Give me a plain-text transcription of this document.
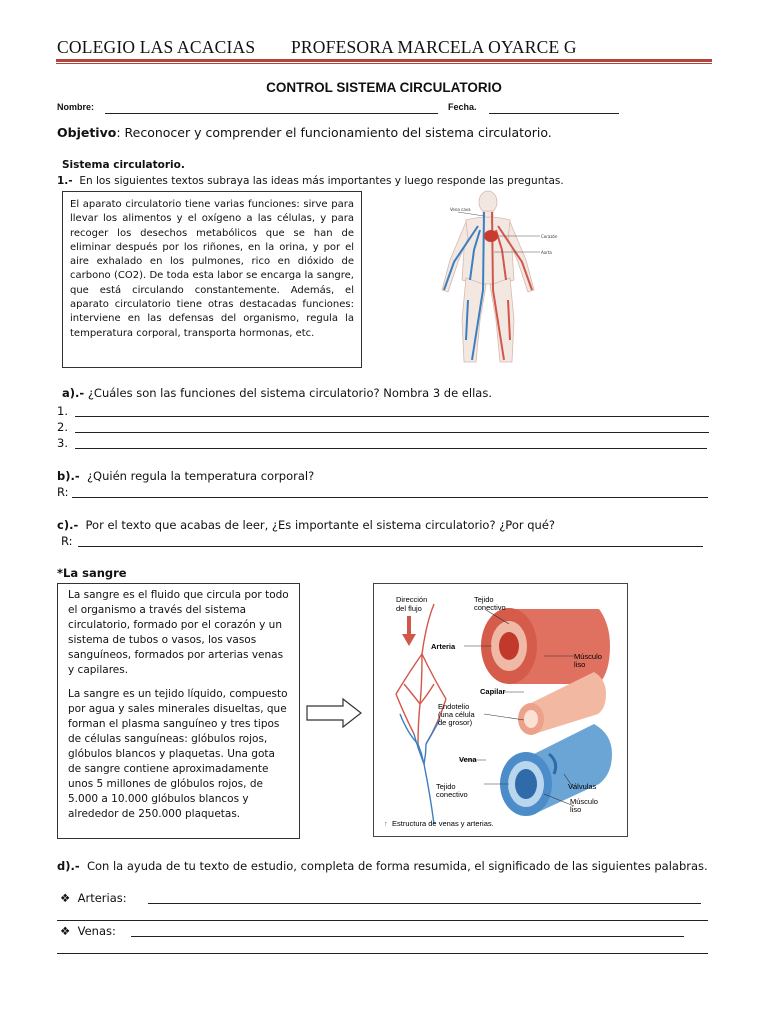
COLEGIO LAS ACACIAS PROFESORA MARCELA OYARCE G
CONTROL SISTEMA CIRCULATORIO
Nombre:	Fecha.
Objetivo: Reconocer y comprender el funcionamiento del sistema circulatorio.
Sistema circulatorio.
1.- En los siguientes textos subraya las ideas más importantes y luego responde las preguntas.
El aparato circulatorio tiene varias funciones: sirve para llevar los alimentos y el oxígeno a las células, y para recoger los desechos metabólicos que se han de eliminar después por los riñones, en la orina, y por el aire exhalado en los pulmones, rico en dióxido de carbono (CO2). De toda esta labor se encarga la sangre, que está circulando constantemente. Además, el aparato circulatorio tiene otras destacadas funciones: interviene en las defensas del organismo, regula la temperatura corporal, transporta hormonas, etc.
Vena cava
Corazón
Aorta
a).- ¿Cuáles son las funciones del sistema circulatorio? Nombra 3 de ellas.
1.
2.
3.
b).- ¿Quién regula la temperatura corporal?
R:
c).- Por el texto que acabas de leer, ¿Es importante el sistema circulatorio? ¿Por qué?
R:
*La sangre

La sangre es el fluido que circula por todo el organismo a través del sistema circulatorio, formado por el corazón y un sistema de tubos o vasos, los vasos sanguíneos, formados por arterias venas y capilares.

La sangre es un tejido líquido, compuesto por agua y sales minerales disueltas, que forman el plasma sanguíneo y tres tipos de células sanguíneas: glóbulos rojos, glóbulos blancos y plaquetas. Una gota de sangre contiene aproximadamente unos 5 millones de glóbulos rojos, de 5.000 a 10.000 glóbulos blancos y alrededor de 250.000 plaquetas.

Dirección
del flujo
Tejido
conectivo
Arteria
Músculo
liso
Capilar
Endotelio
(una célula
de grosor)
Vena
Tejido
conectivo
Válvulas
Músculo
liso
↑ Estructura de venas y arterias.
d).- Con la ayuda de tu texto de estudio, completa de forma resumida, el significado de las siguientes palabras.
❖ Arterias:
❖ Venas:
